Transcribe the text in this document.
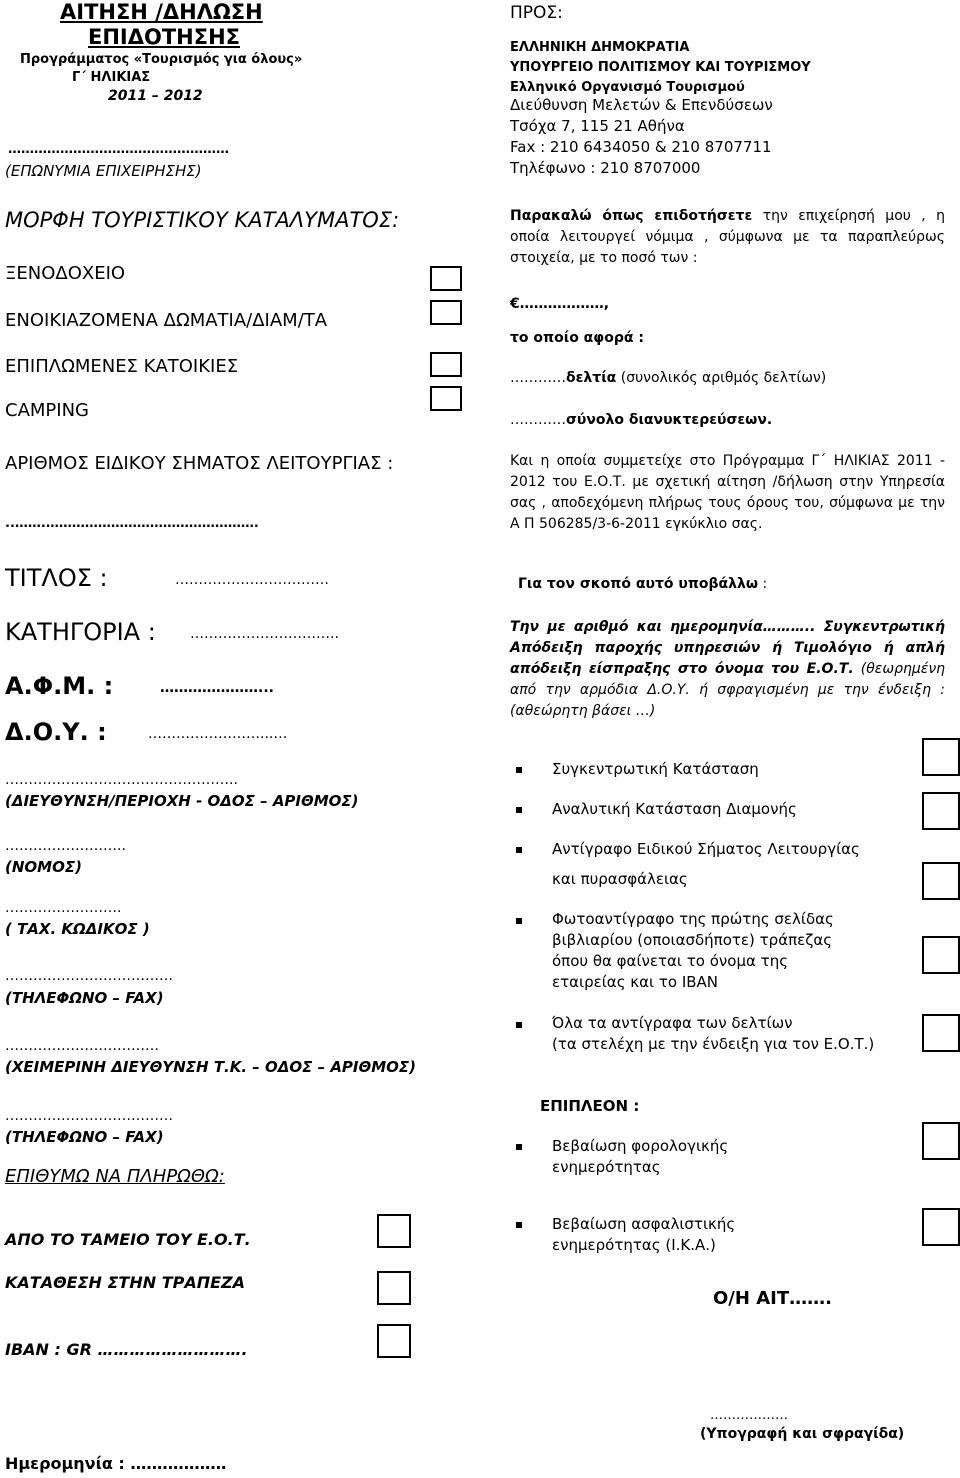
ΑΙΤΗΣΗ /ΔΗΛΩΣΗ
ΕΠΙΔΟΤΗΣΗΣ
Προγράμματος «Τουρισμός για όλους»
Γ΄ ΗΛΙΚΙΑΣ
2011 – 2012
……………………………………………
(ΕΠΩΝΥΜΙΑ ΕΠΙΧΕΙΡΗΣΗΣ)
ΜΟΡΦΗ ΤΟΥΡΙΣΤΙΚΟΥ ΚΑΤΑΛΥΜΑΤΟΣ:
ΞΕΝΟΔΟΧΕΙΟ
ΕΝΟΙΚΙΑΖΟΜΕΝΑ ΔΩΜΑΤΙΑ/ΔΙΑΜ/ΤΑ
ΕΠΙΠΛΩΜΕΝΕΣ ΚΑΤΟΙΚΙΕΣ
CAMPING
ΑΡΙΘΜΟΣ ΕΙΔΙΚΟΥ ΣΗΜΑΤΟΣ ΛΕΙΤΟΥΡΓΙΑΣ :
..…….………………………………………….
ΤΙΤΛΟΣ :	……………………………
ΚΑΤΗΓΟΡΙΑ : …………………………..
Α.Φ.Μ. :	…………………...
Δ.Ο.Υ. :	……………………...…
…………………………………………..
(ΔΙΕΥΘΥΝΣΗ/ΠΕΡΙΟΧΗ - ΟΔΟΣ – ΑΡΙΘΜΟΣ)
……………………..
(ΝΟΜΟΣ)
…………………….
( ΤΑΧ. ΚΩΔΙΚΟΣ )
………………………………
(ΤΗΛΕΦΩΝΟ – FAX)
……………………………
(ΧΕΙΜΕΡΙΝΗ ΔΙΕΥΘΥΝΣΗ Τ.Κ. – ΟΔΟΣ – ΑΡΙΘΜΟΣ)
………………………………
(ΤΗΛΕΦΩΝΟ – FAX)
ΕΠΙΘΥΜΩ ΝΑ ΠΛΗΡΩΘΩ:
ΑΠΟ ΤΟ ΤΑΜΕΙΟ ΤΟΥ Ε.Ο.Τ.
ΚΑΤΑΘΕΣΗ ΣΤΗΝ ΤΡΑΠΕΖΑ
IBAN : GR ……………………….
Ημερομηνία : ………………
ΠΡΟΣ:
ΕΛΛΗΝΙΚΗ ΔΗΜΟΚΡΑΤΙΑ
ΥΠΟΥΡΓΕΙΟ ΠΟΛΙΤΙΣΜΟΥ ΚΑΙ ΤΟΥΡΙΣΜΟΥ
Ελληνικό Οργανισμό Τουρισμού
Διεύθυνση Μελετών & Επενδύσεων
Τσόχα 7, 115 21 Αθήνα
Fax : 210 6434050 & 210 8707711
Τηλέφωνο : 210 8707000
Παρακαλώ όπως επιδοτήσετε την επιχείρησή μου , η οποία λειτουργεί νόμιμα , σύμφωνα με τα παραπλεύρως στοιχεία, με το ποσό των :
€………………,
το οποίο αφορά :
…………δελτία (συνολικός αριθμός δελτίων)
…………σύνολο διανυκτερεύσεων.
Και η οποία συμμετείχε στο Πρόγραμμα Γ΄ ΗΛΙΚΙΑΣ 2011 - 2012 του Ε.Ο.Τ. με σχετική αίτηση /δήλωση στην Υπηρεσία σας , αποδεχόμενη πλήρως τους όρους του, σύμφωνα με την Α Π 506285/3-6-2011 εγκύκλιο σας.
Για τον σκοπό αυτό υποβάλλω :
Την με αριθμό και ημερομηνία……….. Συγκεντρωτική Απόδειξη παροχής υπηρεσιών ή Τιμολόγιο ή απλή απόδειξη είσπραξης στο όνομα του Ε.Ο.Τ. (θεωρημένη από την αρμόδια Δ.Ο.Υ. ή σφραγισμένη με την ένδειξη : (αθεώρητη βάσει …)
Συγκεντρωτική Κατάσταση
Αναλυτική Κατάσταση Διαμονής
Αντίγραφο Ειδικού Σήματος Λειτουργίας
και πυρασφάλειας
Φωτοαντίγραφο της πρώτης σελίδας
βιβλιαρίου (οποιασδήποτε) τράπεζας
όπου θα φαίνεται το όνομα της
εταιρείας και το ΙΒΑΝ
Όλα τα αντίγραφα των δελτίων
(τα στελέχη με την ένδειξη για τον Ε.Ο.Τ.)
ΕΠΙΠΛΕΟΝ :
Βεβαίωση φορολογικής
ενημερότητας
Βεβαίωση ασφαλιστικής
ενημερότητας (Ι.Κ.Α.)
Ο/Η ΑΙΤ…….
………………
(Υπογραφή και σφραγίδα)
